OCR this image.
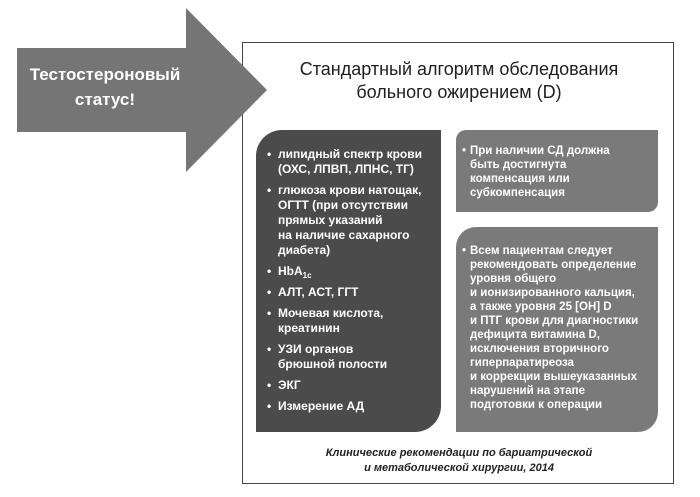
Стандартный алгоритм обследования
больного ожирением (D)
Тестостероновый
статус!
• липидный спектр крови
(ОХС, ЛПВП, ЛПНС, ТГ)
• глюкоза крови натощак,
ОГТТ (при отсутствии
прямых указаний
на наличие сахарного
диабета)
• HbA$_{1c}$
• АЛТ, АСТ, ГГТ
• Мочевая кислота,
креатинин
• УЗИ органов
брюшной полости
• ЭКГ
• Измерение АД
• При наличии СД должна
быть достигнута
компенсация или
субкомпенсация
• Всем пациентам следует
рекомендовать определение
уровня общего
и ионизированного кальция,
а также уровня 25 [OH] D
и ПТГ крови для диагностики
дефицита витамина D,
исключения вторичного
гиперпаратиреоза
и коррекции вышеуказанных
нарушений на этапе
подготовки к операции
Клинические рекомендации по бариатрической
и метаболической хирургии, 2014
